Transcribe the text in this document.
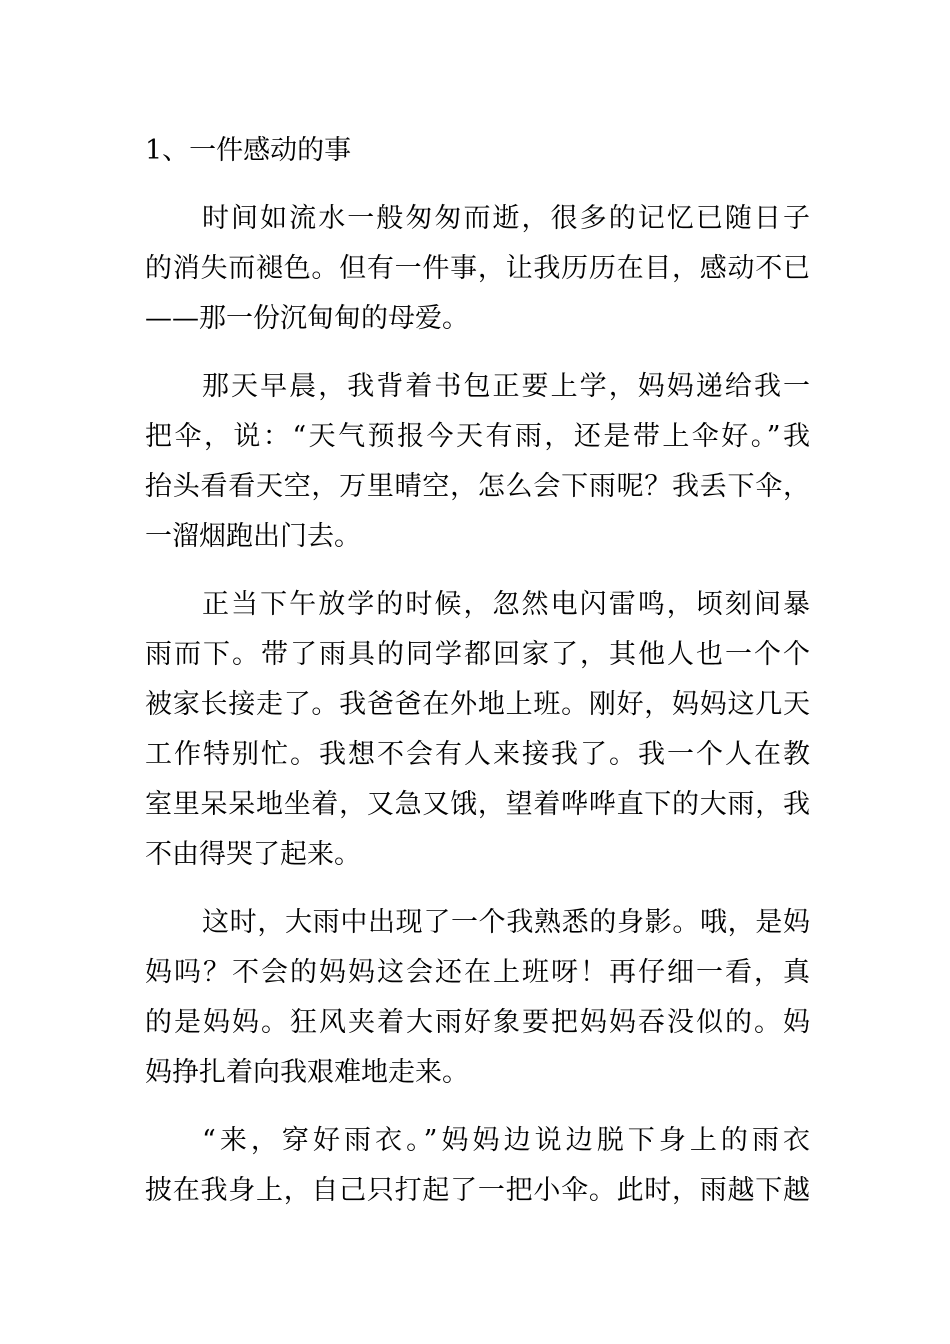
1、一件感动的事
时间如流水一般匆匆而逝，很多的记忆已随日子
的消失而褪色。但有一件事，让我历历在目，感动不已
——那一份沉甸甸的母爱。
那天早晨，我背着书包正要上学，妈妈递给我一
把伞，说：“天气预报今天有雨，还是带上伞好。”我
抬头看看天空，万里晴空，怎么会下雨呢？我丢下伞，
一溜烟跑出门去。
正当下午放学的时候，忽然电闪雷鸣，顷刻间暴
雨而下。带了雨具的同学都回家了，其他人也一个个
被家长接走了。我爸爸在外地上班。刚好，妈妈这几天
工作特别忙。我想不会有人来接我了。我一个人在教
室里呆呆地坐着，又急又饿，望着哗哗直下的大雨，我
不由得哭了起来。
这时，大雨中出现了一个我熟悉的身影。哦，是妈
妈吗？不会的妈妈这会还在上班呀！再仔细一看，真
的是妈妈。狂风夹着大雨好象要把妈妈吞没似的。妈
妈挣扎着向我艰难地走来。
“来，穿好雨衣。”妈妈边说边脱下身上的雨衣
披在我身上，自己只打起了一把小伞。此时，雨越下越
